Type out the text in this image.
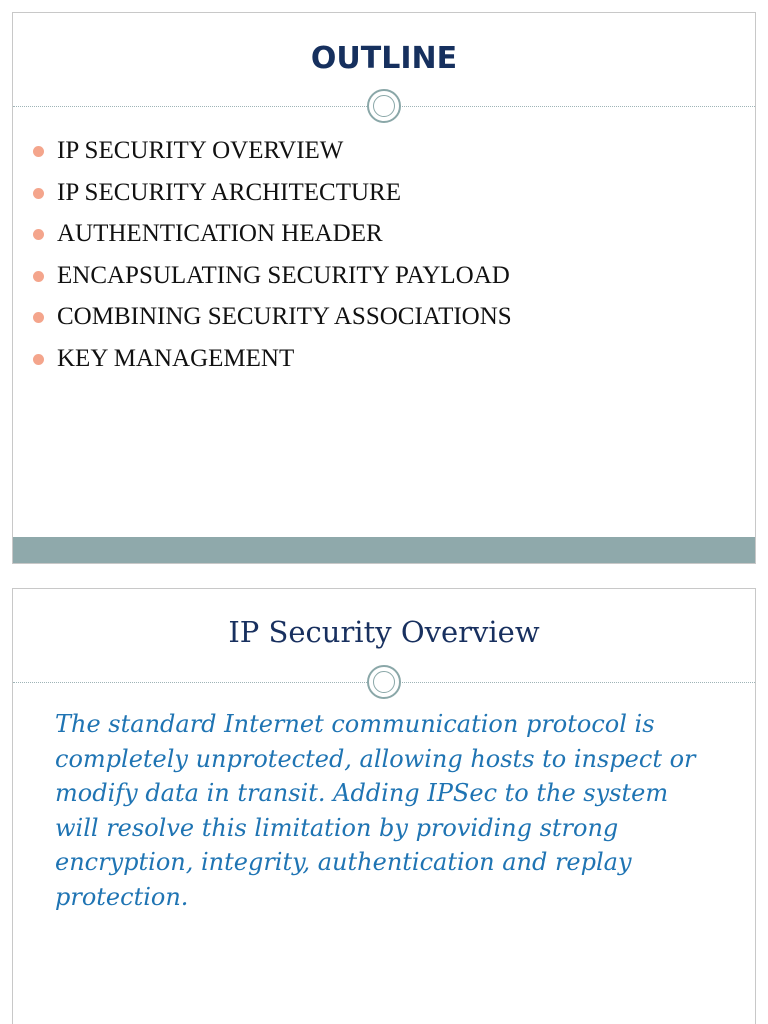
OUTLINE
IP SECURITY OVERVIEW
IP SECURITY ARCHITECTURE
AUTHENTICATION HEADER
ENCAPSULATING SECURITY PAYLOAD
COMBINING SECURITY ASSOCIATIONS
KEY MANAGEMENT
IP Security Overview

The standard Internet communication protocol is
completely unprotected, allowing hosts to inspect or
modify data in transit. Adding IPSec to the system
will resolve this limitation by providing strong
encryption, integrity, authentication and replay
protection.
